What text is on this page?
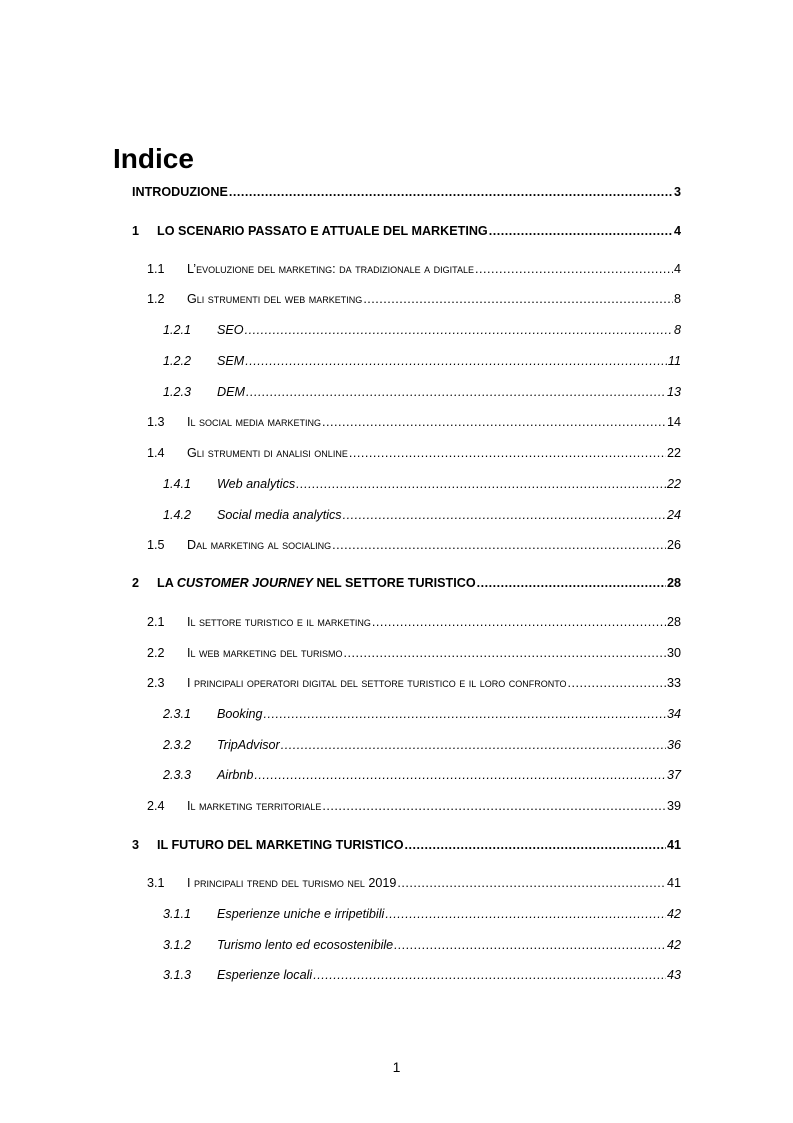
Indice
INTRODUZIONE .....	3
1	LO SCENARIO PASSATO E ATTUALE DEL MARKETING .....	4
1.1	L’evoluzione del marketing: da tradizionale a digitale .....	4
1.2	Gli strumenti del web marketing .....	8
1.2.1	SEO .....	8
1.2.2	SEM .....	11
1.2.3	DEM .....	13
1.3	Il social media marketing .....	14
1.4	Gli strumenti di analisi online .....	22
1.4.1	Web analytics .....	22
1.4.2	Social media analytics .....	24
1.5	Dal marketing al socialing .....	26
2	LA CUSTOMER JOURNEY NEL SETTORE TURISTICO .....	28
2.1	Il settore turistico e il marketing .....	28
2.2	Il web marketing del turismo .....	30
2.3	I principali operatori digital del settore turistico e il loro confronto .....	33
2.3.1	Booking .....	34
2.3.2	TripAdvisor .....	36
2.3.3	Airbnb .....	37
2.4	Il marketing territoriale .....	39
3	IL FUTURO DEL MARKETING TURISTICO .....	41
3.1	I principali trend del turismo nel 2019 .....	41
3.1.1	Esperienze uniche e irripetibili .....	42
3.1.2	Turismo lento ed ecosostenibile .....	42
3.1.3	Esperienze locali .....	43
1
